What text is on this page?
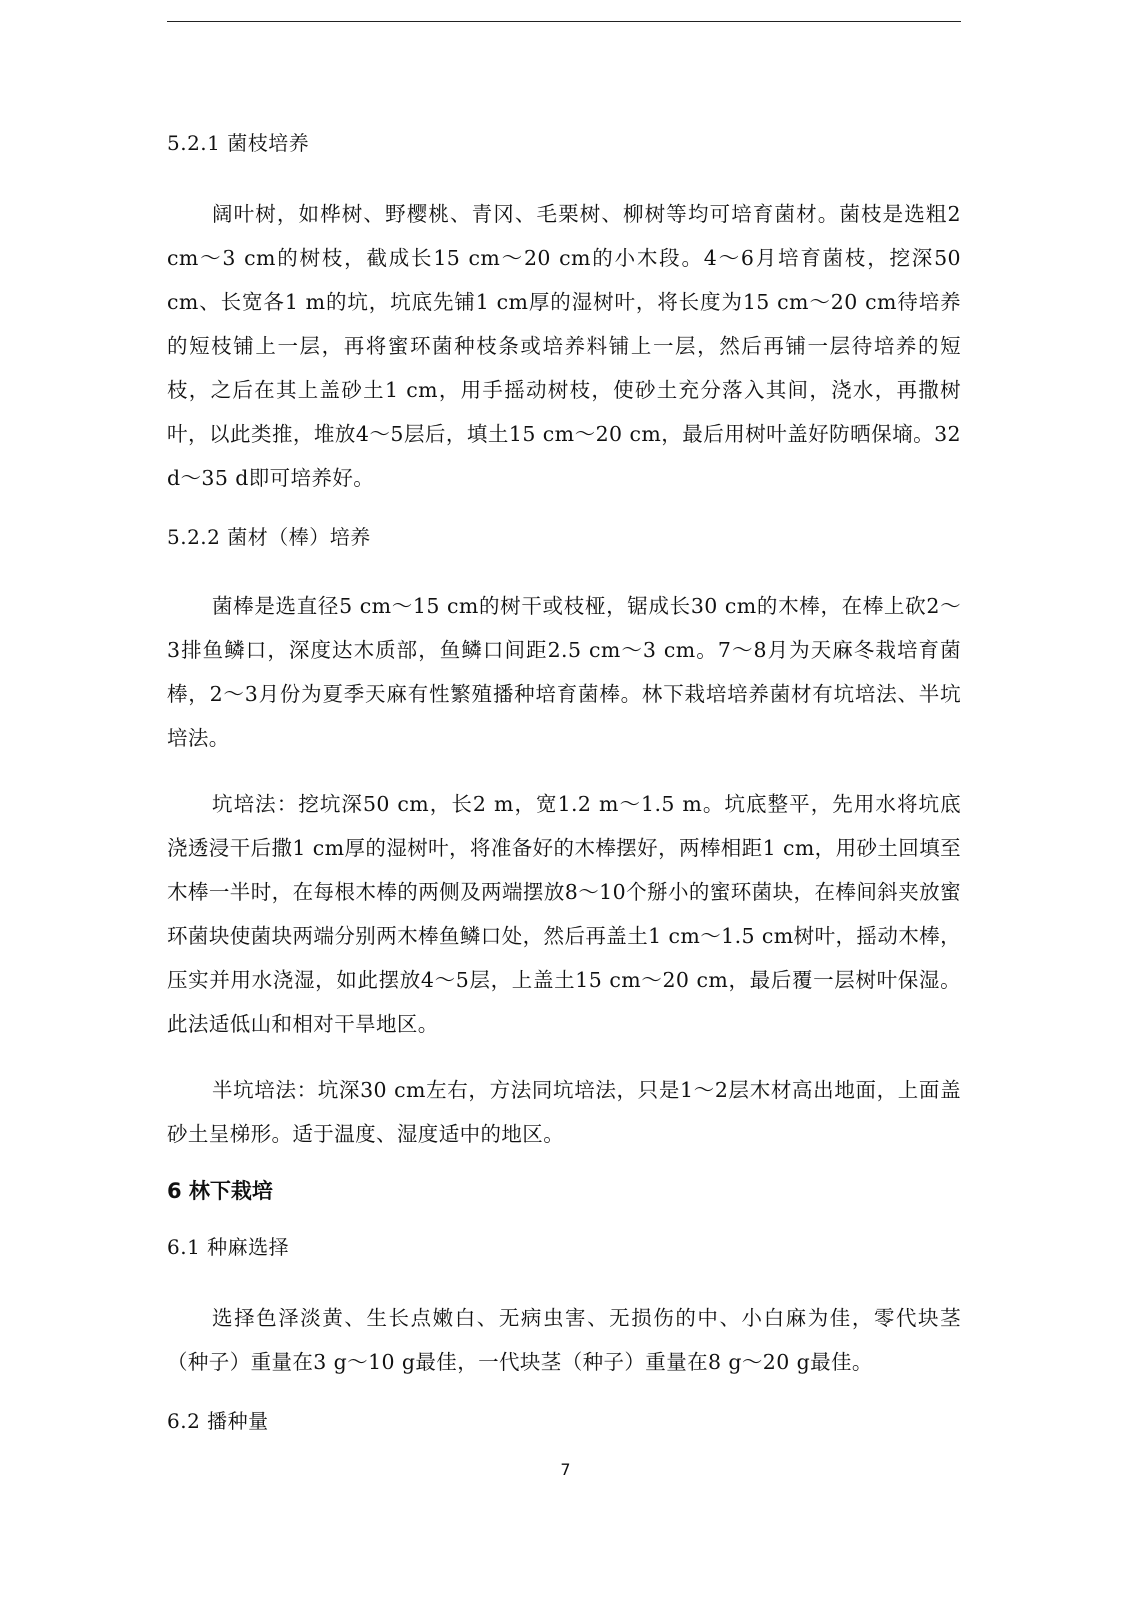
5.2.1 菌枝培养

阔叶树，如桦树、野樱桃、青冈、毛栗树、柳树等均可培育菌材。菌枝是选粗2 cm～3 cm的树枝，截成长15 cm～20 cm的小木段。4～6月培育菌枝，挖深50 cm、长宽各1 m的坑，坑底先铺1 cm厚的湿树叶，将长度为15 cm～20 cm待培养的短枝铺上一层，再将蜜环菌种枝条或培养料铺上一层，然后再铺一层待培养的短枝，之后在其上盖砂土1 cm，用手摇动树枝，使砂土充分落入其间，浇水，再撒树叶，以此类推，堆放4～5层后，填土15 cm～20 cm，最后用树叶盖好防晒保墒。32 d～35 d即可培养好。

5.2.2 菌材（棒）培养

菌棒是选直径5 cm～15 cm的树干或枝桠，锯成长30 cm的木棒，在棒上砍2～3排鱼鳞口，深度达木质部，鱼鳞口间距2.5 cm～3 cm。7～8月为天麻冬栽培育菌棒，2～3月份为夏季天麻有性繁殖播种培育菌棒。林下栽培培养菌材有坑培法、半坑培法。

坑培法：挖坑深50 cm，长2 m，宽1.2 m～1.5 m。坑底整平，先用水将坑底浇透浸干后撒1 cm厚的湿树叶，将准备好的木棒摆好，两棒相距1 cm，用砂土回填至木棒一半时，在每根木棒的两侧及两端摆放8～10个掰小的蜜环菌块，在棒间斜夹放蜜环菌块使菌块两端分别两木棒鱼鳞口处，然后再盖土1 cm～1.5 cm树叶，摇动木棒，压实并用水浇湿，如此摆放4～5层，上盖土15 cm～20 cm，最后覆一层树叶保湿。此法适低山和相对干旱地区。

半坑培法：坑深30 cm左右，方法同坑培法，只是1～2层木材高出地面，上面盖砂土呈梯形。适于温度、湿度适中的地区。

6 林下栽培

6.1 种麻选择

选择色泽淡黄、生长点嫩白、无病虫害、无损伤的中、小白麻为佳，零代块茎（种子）重量在3 g～10 g最佳，一代块茎（种子）重量在8 g～20 g最佳。

6.2 播种量

7
